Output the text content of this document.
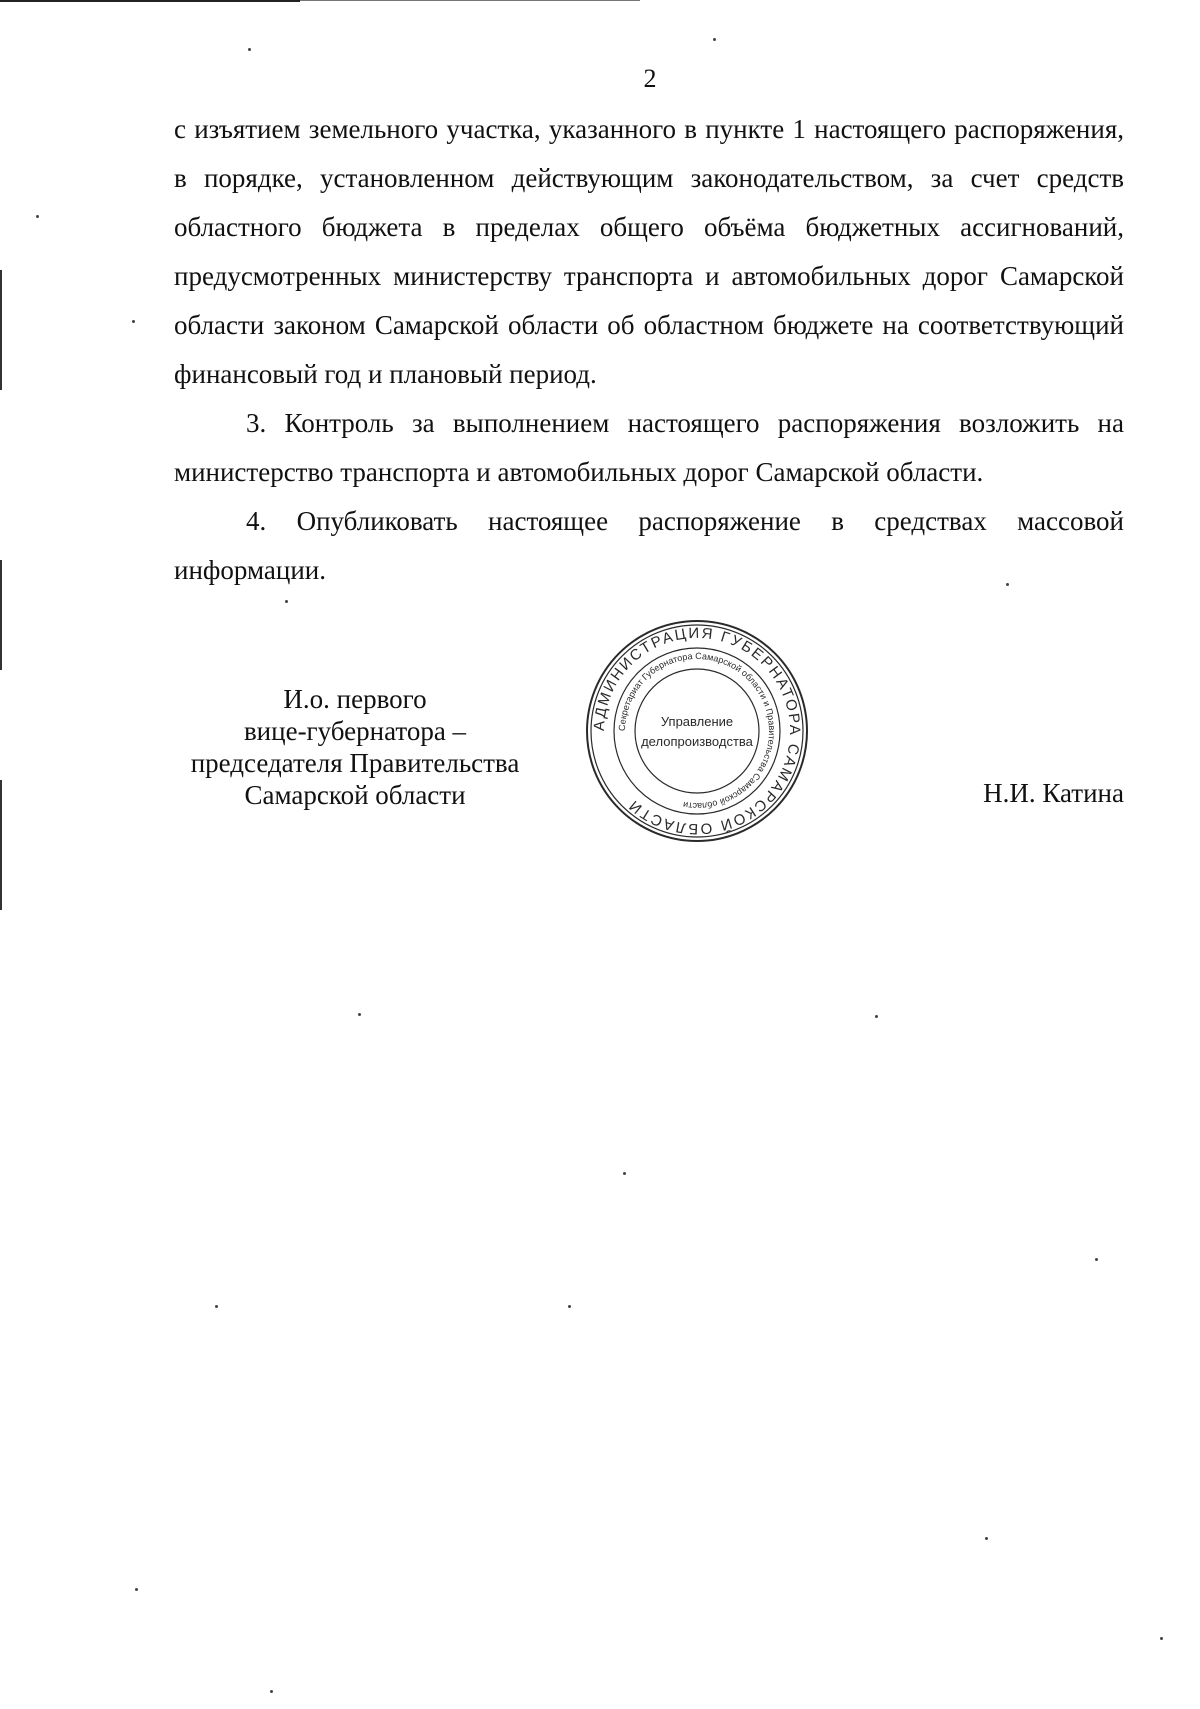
2

с изъятием земельного участка, указанного в пункте 1 настоящего распоряжения, в порядке, установленном действующим законодательством, за счет средств областного бюджета в пределах общего объёма бюджетных ассигнований, предусмотренных министерству транспорта и автомобильных дорог Самарской области законом Самарской области об областном бюджете на соответствующий финансовый год и плановый период.

3. Контроль за выполнением настоящего распоряжения возложить на министерство транспорта и автомобильных дорог Самарской области.

4. Опубликовать настоящее распоряжение в средствах массовой информации.

И.о. первого
вице-губернатора –
председателя Правительства
Самарской области
АДМИНИСТРАЦИЯ ГУБЕРНАТОРА САМАРСКОЙ ОБЛАСТИ
Секретариат Губернатора Самарской области и Правительства Самарской области
Управление
делопроизводства
Н.И. Катина
